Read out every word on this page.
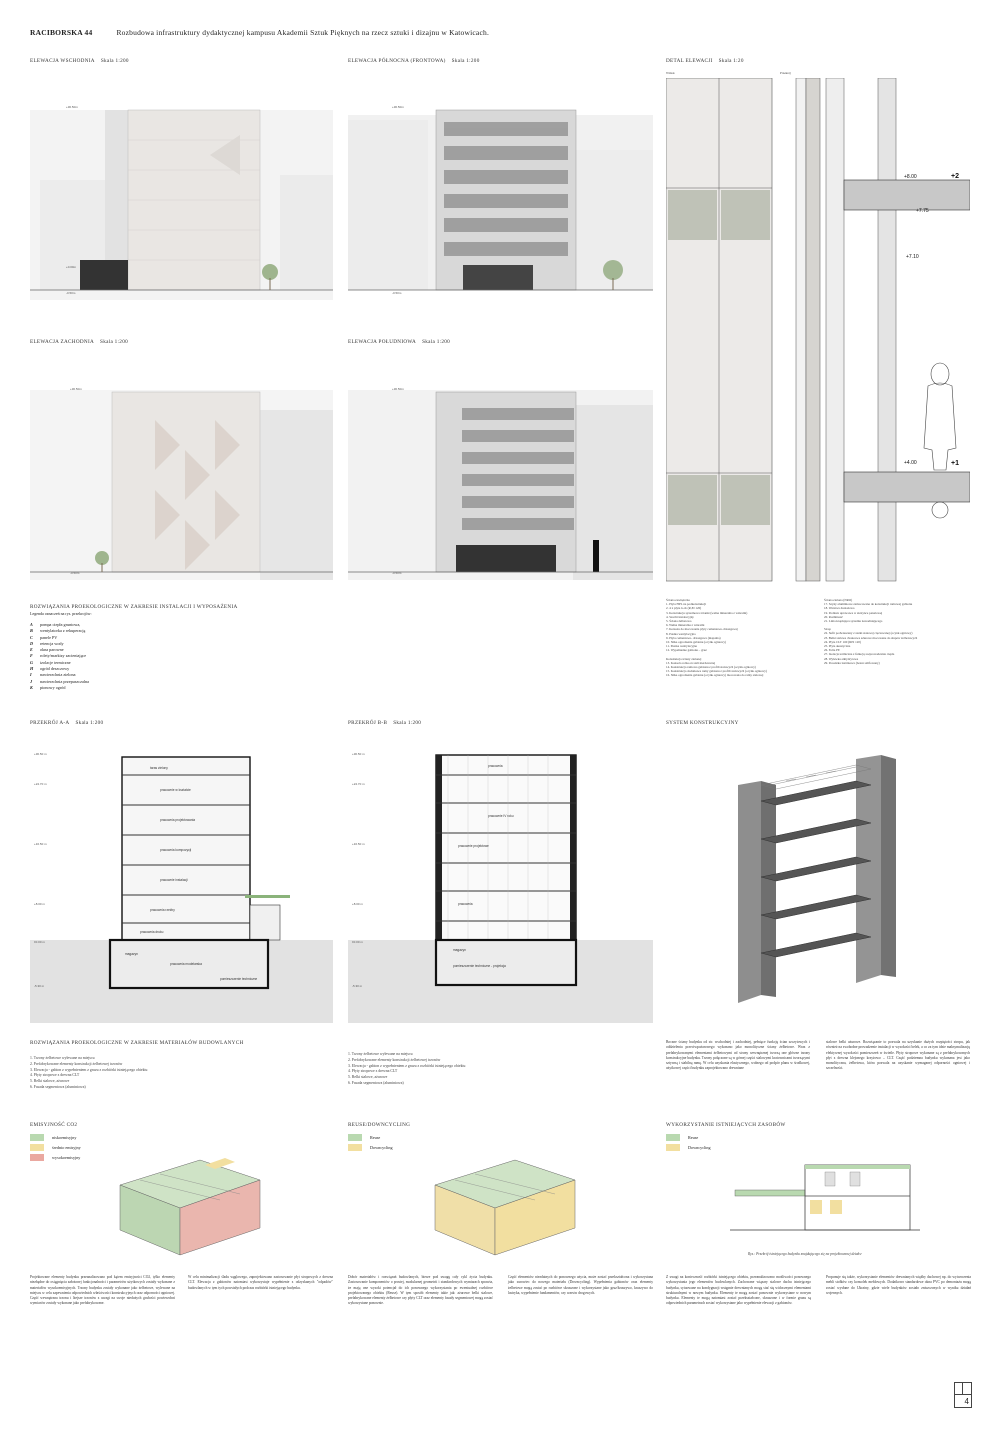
RACIBORSKA 44	Rozbudowa infrastruktury dydaktycznej kampusu Akademii Sztuk Pięknych na rzecz sztuki i dizajnu w Katowicach.
ELEWACJA WSCHODNIA Skala 1:200	ELEWACJA PÓŁNOCNA (FRONTOWA) Skala 1:200	DETAL ELEWACJI Skala 1:20
Widok	Przekrój
ELEWACJA ZACHODNIA Skala 1:200	ELEWACJA POŁUDNIOWA Skala 1:200
+30.50m
+0.00m
-0.50m
+30.50m
-0.50m
+30.50m
-0.50m
+30.50m
-0.50m
+8.00	+2
+7.75
+7.10
+4.00	+1
Ściana zewnętrzna
1. Płyta HPL na podkonstrukcji
2. 4 x płyta G-K (R,EI 120)
3. Konstrukcja systemowa ścianki (wełna mineralna z wiórami)
4. Szachi instalacyjny
5. Ściana żelbetowa
6. Wełna mineralna z wiórami
7. Konsola do mocowania płyty cementowo-drzazgowej
8. Pustka wentylacyjna
9. Płyta cementowo- drzazgowa (mapalna)
10. Siłka ogrodzenia gabionu (ocynk ogniowy)
11. Pustka wentylacyjna
12. Wypełnienie gabionu – gruz
Konstrukcja ściany zielonej
13. Konsola rolna on stali nierdzewnej
14. Konstrukcja ramowa gabionu z profili stalowych (ocynk ogniowy)
15. Konstrukcja dodatkowe ramy gabionu z profili stalowych (ocynk ogniowy)
16. Siłka ogrodzenia gabionu (ocynk ogniowy) mocowana do ramy stalowej
Ściana zielona (NRO)
17. Szyny aluminiowe zamocowane do konstrukcji ramowej gabionu
18. Warstwa drenażowa
19. Podłoże uprawowe w skrzynce panelowej
20. Roślinność
21. Linia kropłująca systemu nawadniającego
Strop
22. Sufit podwieszany z siatki stalowej cięciowanej (ocynk ogniowy)
23. Belki stalowe dwuteowe ażurowe mocowane do słupów żelbetowych
24. Płyta CLT 160 (REI 120)
25. Płyta akustyczna
26. Folia PE
27. Izolacja termiczna z funkcją rozprowadzania ciepła
28. Wylewka anhydrytowa
29. Posadzka lastrikowa (beton szlifowany)
ROZWIĄZANIA PROEKOLOGICZNE W ZAKRESIE INSTALACJI I WYPOSAŻENIA
Legenda oznaczeń na rys. przekrojów:
A pompa ciepła gruntowa,
B wentylatorka z rekuperacją
C panele PV
D retencja wody
E okna parowne
F rolety/markizy zacieniające
G izolacje termiczne
H ogród deszczowy
I nawierzchnia zielona
J nawierzchnia przepuszczalna
K pionowy ogród
PRZEKRÓJ A-A Skala 1:200	PRZEKRÓJ B-B Skala 1:200	SYSTEM KONSTRUKCYJNY
taras zielony
pracownie w kształcie
pracownia projektowania
pracownia kompozycji
pracownie instalacji
pracownia rzeźby
pracownia druku
magazyn
pracownia modelarska
pomieszczenie techniczne
+30.50 m
+24.70 m
+16.50 m
+8.00 m
±0.00 m
-5.30 m
pracownia
pracownie IV roku
pracownie projektowe
pracownia
magazyn
pomieszczenie techniczne - projekcja
+30.50 m
+24.70 m
+16.50 m
+8.00 m
±0.00 m
-5.30 m
ROZWIĄZANIA PROEKOLOGICZNE W ZAKRESIE MATERIAŁÓW BUDOWLANYCH
1. Trzony żelbetowe wylewane na miejscu
2. Prefabrykowane elementy konstrukcji żelbetowej trzonów
3. Elewacja - gabion z wypełnieniem z gruzu z rozbiórki istniejącego obiektu
4. Płyty stropowe z drewna CLT
5. Belki stalowe, ażurowe
6. Fasada segmentowa (aluminiowa)
1. Trzony żelbetowe wylewane na miejscu
2. Prefabrykowane elementy konstrukcji żelbetowej trzonów
3. Elewacja - gabion z wypełnieniem z gruzu z rozbiórki istniejącego obiektu
4. Płyty stropowe z drewna CLT
5. Belki stalowe, ażurowe
6. Fasada segmentowa (aluminiowa)
Boczne ściany budynku od str. wschodniej i zachodniej, pełniące funkcję ścian szczytowych i oddzielenia przeciwpożarowego wykonano jako monolityczne ściany żelbetowe. Wraz z prefabrykowanymi elementami żelbetowymi od strony wewnętrznej tworzą one główne trzony konstrukcyjne budynku. Trzony połączone są w górnej części stalowymi kratownicami tworzącymi sztywną i stabilną ramę. W celu uzyskania elastycznego, wolnego od podpór planu w środkowej, użytkowej części budynku zaprojektowano drewniane
stalowe belki ażurowe. Rozwiązanie to pozwala na uzyskanie dużych rozpiętości stropu, jak również na swobodne prowadzenie instalacji w wysokości belek, a co za tym idzie maksymalizację efektywnej wysokości pomieszczeń w świetle. Płyty stropowe wykonane są z prefabrykowanych płyt z drewna klejonego krzyżowo – CLT. Część podziemna budynku wykonana jest jako monolityczna, żelbetowa, która pozwala na uzyskanie wymaganej odporności ogniowej i szczelności.
EMISYJNOŚĆ CO2
niskoemisyjny
średnio emisyjny
wysokoemisyjny
Projektowane elementy budynku przeanalizowano pod kątem emisyjności CO2, tylko elementy niezbędne do osiągnięcia założonej funkcjonalności i parametrów użytkowych zostały wykonane z materiałów wysokoemisyjnych. Trzony budynku zostały wykonane jako żelbetowe, wylewane na miejscu w celu zapewnienia odpowiednich właściwości konstrukcyjnych oraz odporności ogniowej. Część wewnętrzna trzonu i lżejsze trzonów z uwagi na swoje niedużych grubości powierzchni wymiarów zostały wykonane jako prefabrykowane.
W celu minimalizacji śladu węglowego, zaprojektowano zastosowanie płyt stropowych z drewna CLT. Elewacja z gabionów natomiast wykorzystuje wypełnienie z odzyskanych "odpadów" budowlanych w tym tych powstałych podczas rozbiórki istniejącego budynku.
REUSE/DOWNCYCLING
Reuse
Downcycling
Dobór materiałów i rozwiązań budowlanych, bierze pod uwagę cały cykl życia budynku. Zastosowanie komponentów o prostej, modularnej geometrii i standardowych wymiarach sprawia, że mają one wysoki potencjał do ich ponownego wykorzystania po ewentualnej rozbiórce projektowanego obiektu (Reuse). W tym sposób elementy takie jak: ażurowe belki stalowe, prefabrykowane elementy żelbetowe czy płyty CLT oraz elementy fasady segmentowej mogą zostać wykorzystane ponownie.
Część elementów niezdatnych do ponownego użycia, może zostać przekształcona i wykorzystana jako surowiec do nowego materiału (Downcycling). Wypełnienia gabionów oraz elementy żelbetowe mogą zostać po rozbiórce skruszone i wykorzystane jako gruz/kruszywo, kruszywo do lastryka, wypełnienie fundamentów, czy warstw drogowych.
WYKORZYSTANIE ISTNIEJĄCYCH ZASOBÓW
Reuse
Downcycling
Rys.: Przekrój istniejącego budynku znajdującego się na projektowanej działce
Z uwagi na konieczność rozbiórki istniejącego obiektu, przeanalizowano możliwości ponownego wykorzystania jego elementów budowlanych. Zachowane wiązary stalowe dachu istniejącego budynku, sytuowane na kondygnacji wstępnie drewnianych mogą stać się widocznymi elementami strukturalnymi w nowym budynku. Elementy te mogą zostać ponownie wykorzystane w nowym budynku. Elementy te mogą natomiast zostać przekształcone, skruszone i w formie gruzu są odpowiednich parametrach zostać wykorzystane jako wypełnienie elewacji z gabionów.
Proponuje się także, wykorzystanie elementów drewnianych więźby dachowej np. do wytworzenia mebli stołków czy konsolek meblowych. Dodatkowo standardowe okna PVC po demontażu mogą zostać wysłane do Ukrainy, gdzie wiele budynków zostało zniszczonych w wyniku działań wojennych.
4
